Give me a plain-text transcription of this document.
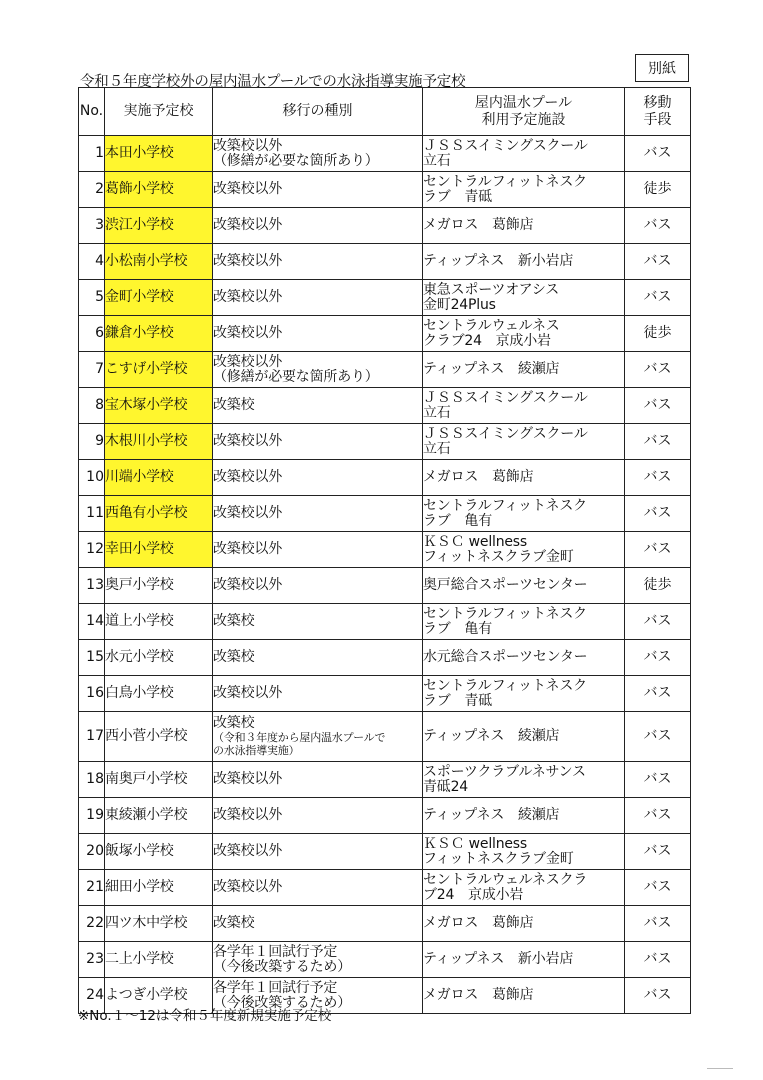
別紙
令和５年度学校外の屋内温水プールでの水泳指導実施予定校
No.	実施予定校	移行の種別	屋内温水プール
利用予定施設	移動
手段

1	本田小学校	改築校以外
（修繕が必要な箇所あり）	ＪＳＳスイミングスクール
立石	バス
2	葛飾小学校	改築校以外	セントラルフィットネスク
ラブ　青砥	徒歩
3	渋江小学校	改築校以外	メガロス　葛飾店	バス
4	小松南小学校	改築校以外	ティップネス　新小岩店	バス
5	金町小学校	改築校以外	東急スポーツオアシス
金町24Plus	バス
6	鎌倉小学校	改築校以外	セントラルウェルネス
クラブ24　京成小岩	徒歩
7	こすげ小学校	改築校以外
（修繕が必要な箇所あり）	ティップネス　綾瀬店	バス
8	宝木塚小学校	改築校	ＪＳＳスイミングスクール
立石	バス
9	木根川小学校	改築校以外	ＪＳＳスイミングスクール
立石	バス
10	川端小学校	改築校以外	メガロス　葛飾店	バス
11	西亀有小学校	改築校以外	セントラルフィットネスク
ラブ　亀有	バス
12	幸田小学校	改築校以外	ＫＳＣ wellness
フィットネスクラブ金町	バス
13	奥戸小学校	改築校以外	奥戸総合スポーツセンター	徒歩
14	道上小学校	改築校	セントラルフィットネスク
ラブ　亀有	バス
15	水元小学校	改築校	水元総合スポーツセンター	バス
16	白鳥小学校	改築校以外	セントラルフィットネスク
ラブ　青砥	バス
17	西小菅小学校	改築校
（令和３年度から屋内温水プールで
の水泳指導実施）	ティップネス　綾瀬店	バス
18	南奥戸小学校	改築校以外	スポーツクラブルネサンス
青砥24	バス
19	東綾瀬小学校	改築校以外	ティップネス　綾瀬店	バス
20	飯塚小学校	改築校以外	ＫＳＣ wellness
フィットネスクラブ金町	バス
21	細田小学校	改築校以外	セントラルウェルネスクラ
ブ24　京成小岩	バス
22	四ツ木中学校	改築校	メガロス　葛飾店	バス
23	二上小学校	各学年１回試行予定
（今後改築するため）	ティップネス　新小岩店	バス
24	よつぎ小学校	各学年１回試行予定
（今後改築するため）	メガロス　葛飾店	バス
※No.１～12は令和５年度新規実施予定校
